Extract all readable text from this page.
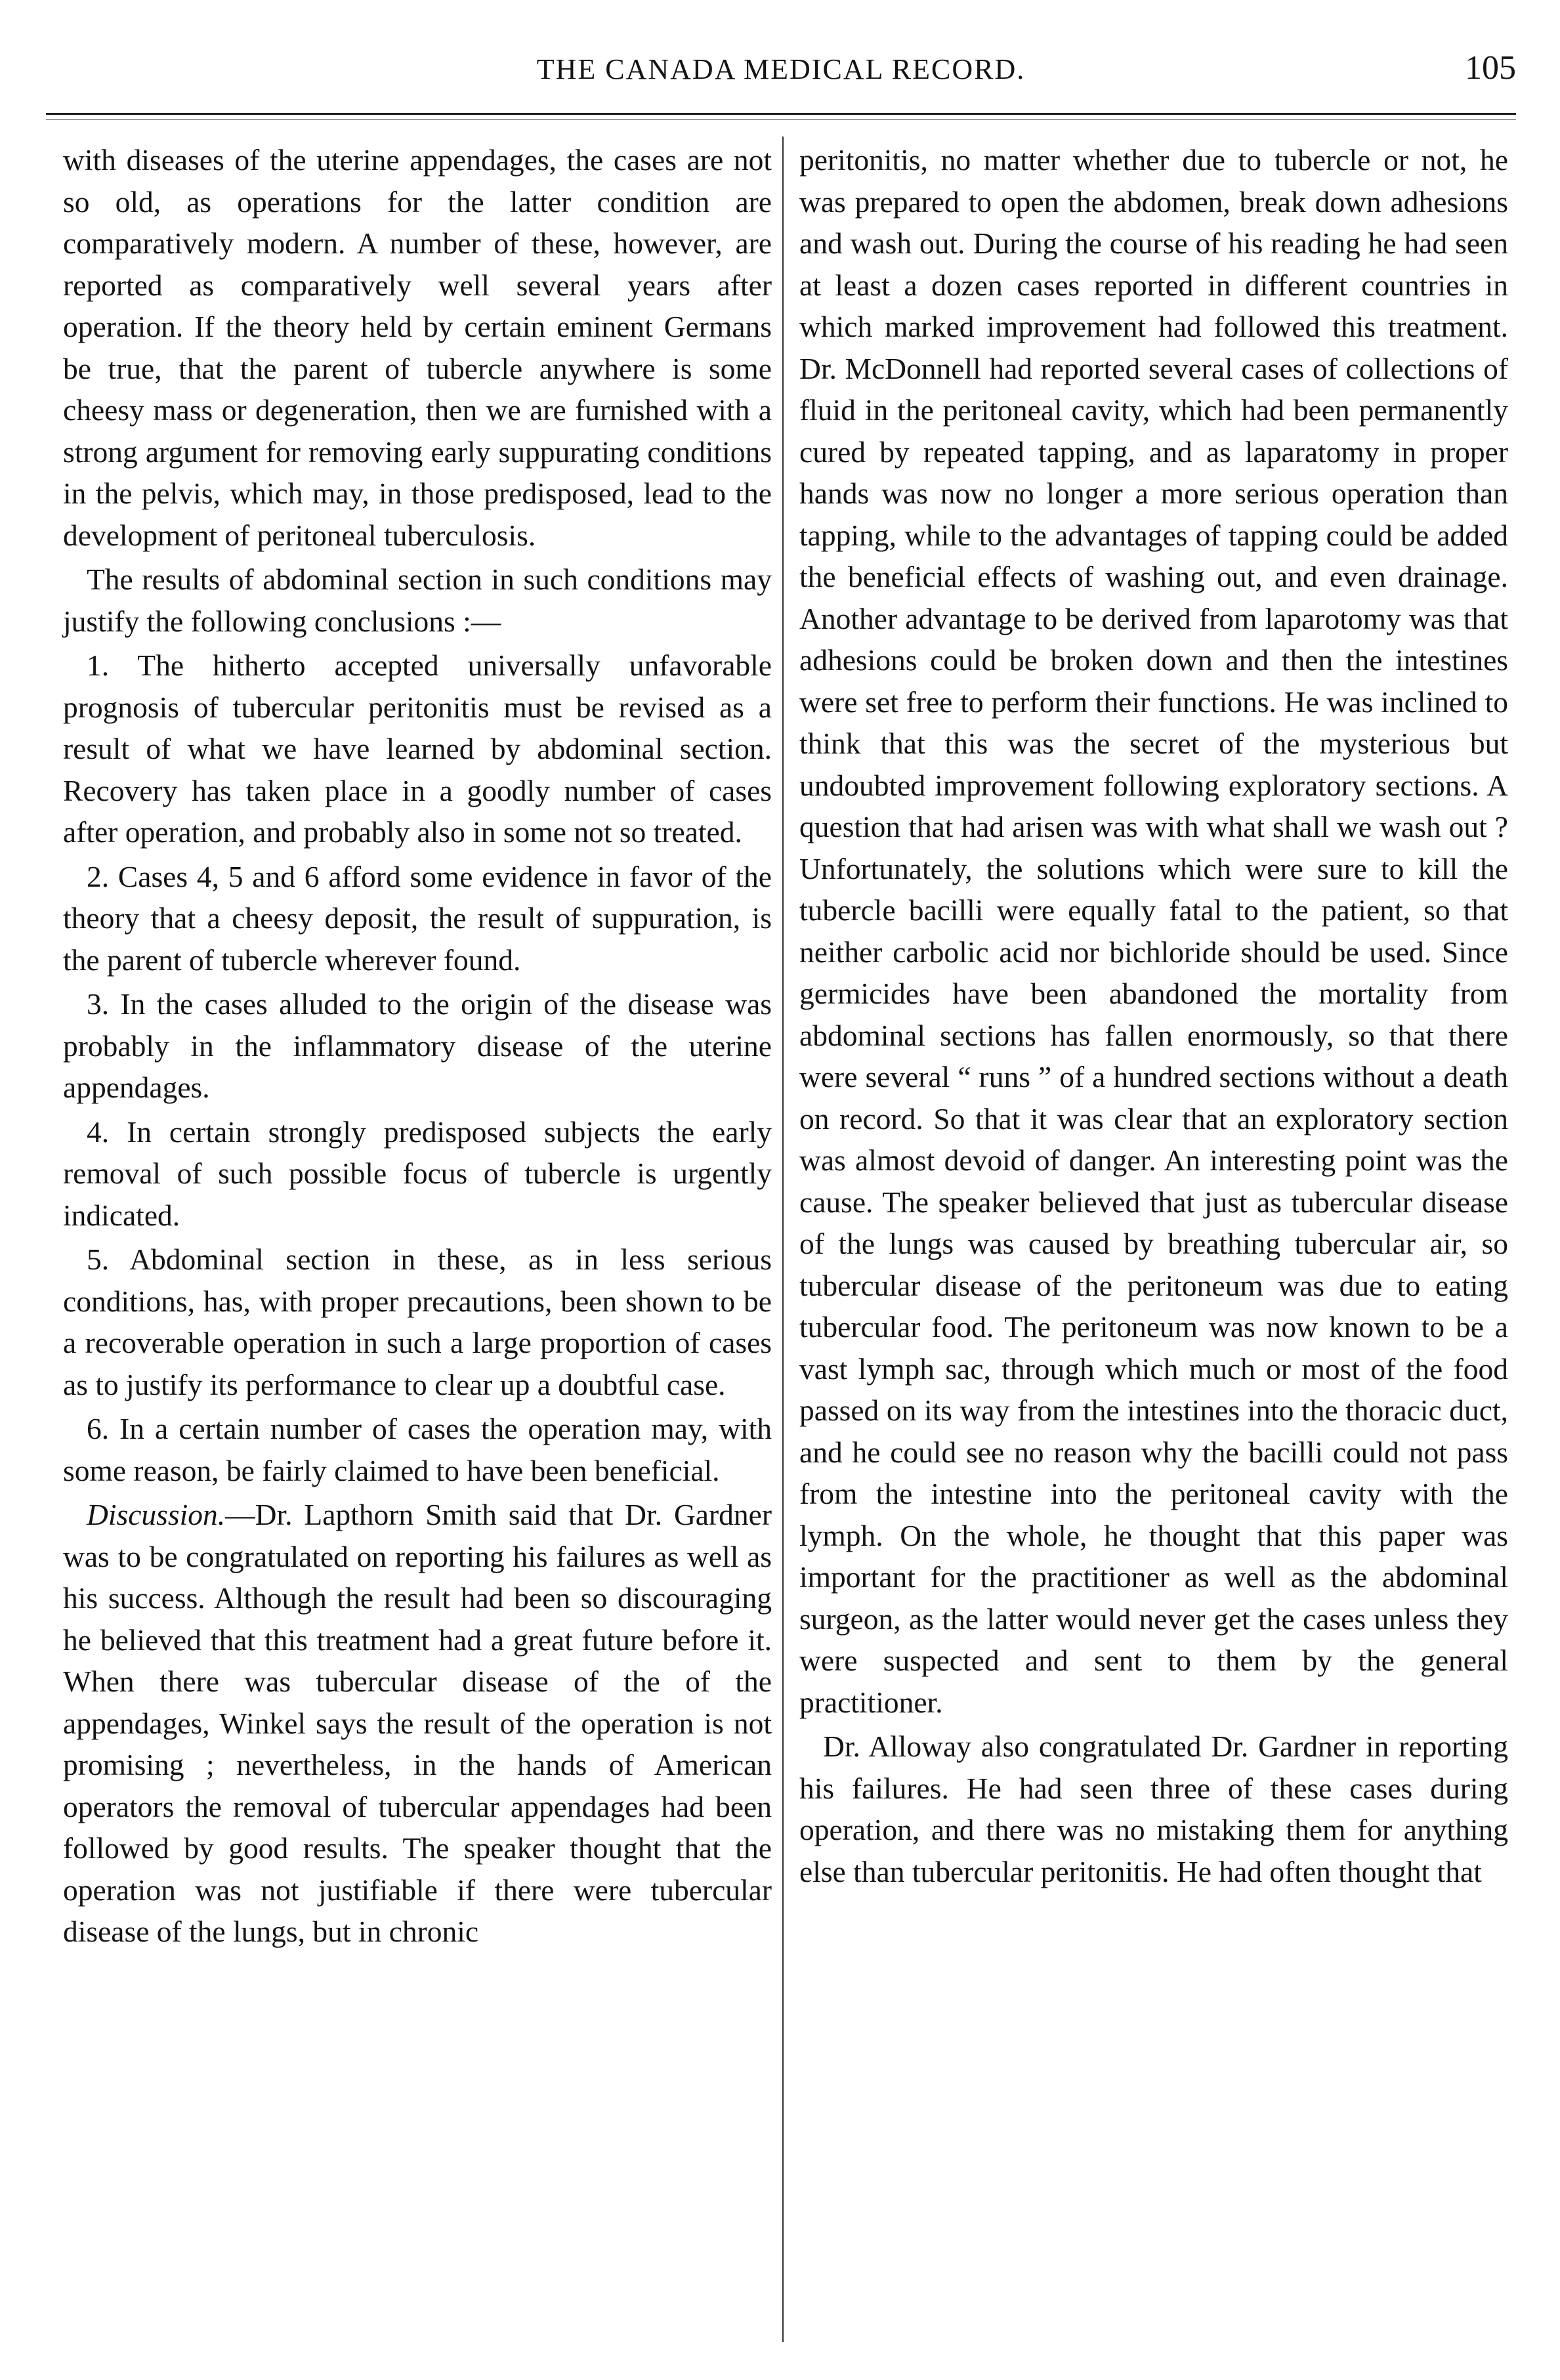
THE CANADA MEDICAL RECORD.	105

with diseases of the uterine appendages, the cases are not so old, as operations for the latter condition are comparatively modern. A number of these, however, are reported as comparatively well several years after operation. If the theory held by certain eminent Germans be true, that the parent of tubercle anywhere is some cheesy mass or degeneration, then we are furnished with a strong argument for removing early suppurating conditions in the pelvis, which may, in those predisposed, lead to the development of peritoneal tuberculosis.

The results of abdominal section in such conditions may justify the following conclusions :—

1. The hitherto accepted universally unfavorable prognosis of tubercular peritonitis must be revised as a result of what we have learned by abdominal section. Recovery has taken place in a goodly number of cases after operation, and probably also in some not so treated.

2. Cases 4, 5 and 6 afford some evidence in favor of the theory that a cheesy deposit, the result of suppuration, is the parent of tubercle wherever found.

3. In the cases alluded to the origin of the disease was probably in the inflammatory disease of the uterine appendages.

4. In certain strongly predisposed subjects the early removal of such possible focus of tubercle is urgently indicated.

5. Abdominal section in these, as in less serious conditions, has, with proper precautions, been shown to be a recoverable operation in such a large proportion of cases as to justify its performance to clear up a doubtful case.

6. In a certain number of cases the operation may, with some reason, be fairly claimed to have been beneficial.

Discussion.—Dr. Lapthorn Smith said that Dr. Gardner was to be congratulated on reporting his failures as well as his success. Although the result had been so discouraging he believed that this treatment had a great future before it. When there was tubercular disease of the of the appendages, Winkel says the result of the operation is not promising ; nevertheless, in the hands of American operators the removal of tubercular appendages had been followed by good results. The speaker thought that the operation was not justifiable if there were tubercular disease of the lungs, but in chronic

peritonitis, no matter whether due to tubercle or not, he was prepared to open the abdomen, break down adhesions and wash out. During the course of his reading he had seen at least a dozen cases reported in different countries in which marked improvement had followed this treatment. Dr. McDonnell had reported several cases of collections of fluid in the peritoneal cavity, which had been permanently cured by repeated tapping, and as laparatomy in proper hands was now no longer a more serious operation than tapping, while to the advantages of tapping could be added the beneficial effects of washing out, and even drainage. Another advantage to be derived from laparotomy was that adhesions could be broken down and then the intestines were set free to perform their functions. He was inclined to think that this was the secret of the mysterious but undoubted improvement following exploratory sections. A question that had arisen was with what shall we wash out ? Unfortunately, the solutions which were sure to kill the tubercle bacilli were equally fatal to the patient, so that neither carbolic acid nor bichloride should be used. Since germicides have been abandoned the mortality from abdominal sections has fallen enormously, so that there were several “ runs ” of a hundred sections without a death on record. So that it was clear that an exploratory section was almost devoid of danger. An interesting point was the cause. The speaker believed that just as tubercular disease of the lungs was caused by breathing tubercular air, so tubercular disease of the peritoneum was due to eating tubercular food. The peritoneum was now known to be a vast lymph sac, through which much or most of the food passed on its way from the intestines into the thoracic duct, and he could see no reason why the bacilli could not pass from the intestine into the peritoneal cavity with the lymph. On the whole, he thought that this paper was important for the practitioner as well as the abdominal surgeon, as the latter would never get the cases unless they were suspected and sent to them by the general practitioner.

Dr. Alloway also congratulated Dr. Gardner in reporting his failures. He had seen three of these cases during operation, and there was no mistaking them for anything else than tubercular peritonitis. He had often thought that
